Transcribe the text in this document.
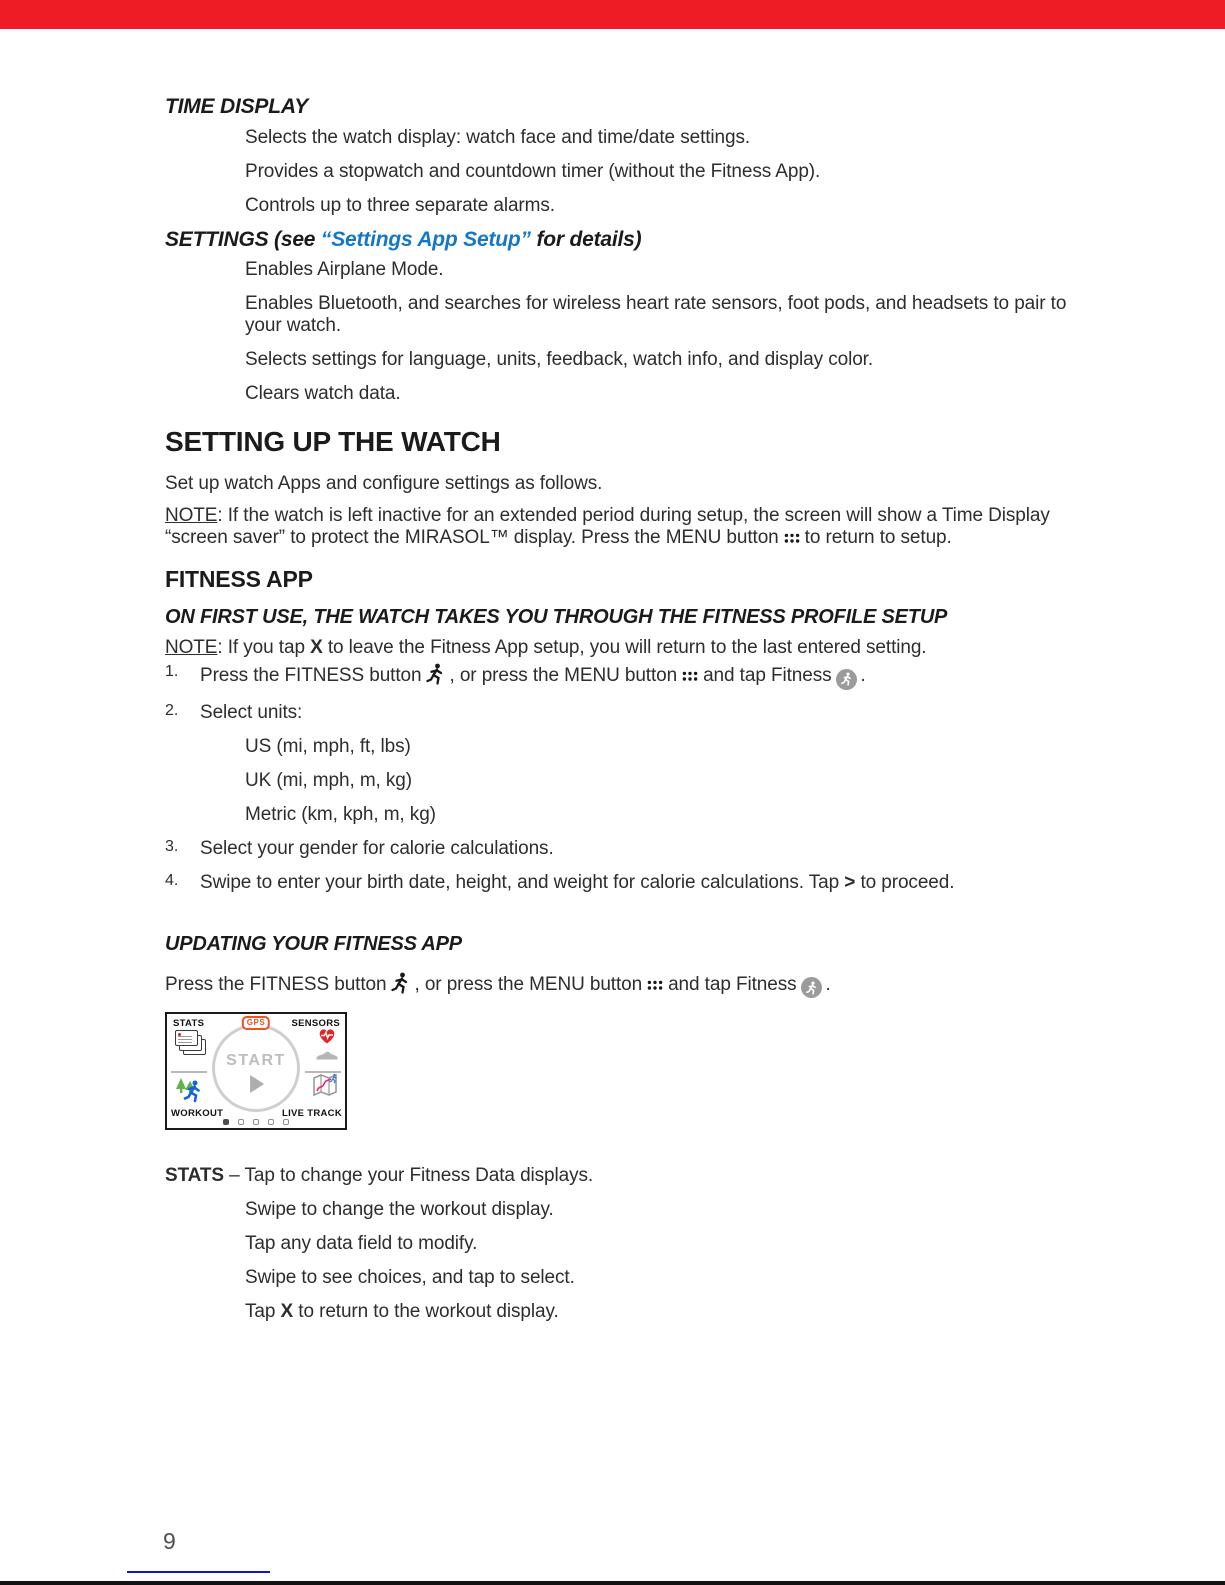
TIME DISPLAY

Selects the watch display: watch face and time/date settings.

Provides a stopwatch and countdown timer (without the Fitness App).

Controls up to three separate alarms.

SETTINGS (see “Settings App Setup” for details)

Enables Airplane Mode.

Enables Bluetooth, and searches for wireless heart rate sensors, foot pods, and headsets to pair to your watch.

Selects settings for language, units, feedback, watch info, and display color.

Clears watch data.

SETTING UP THE WATCH

Set up watch Apps and configure settings as follows.

NOTE: If the watch is left inactive for an extended period during setup, the screen will show a Time Display “screen saver” to protect the MIRASOL™ display. Press the MENU button to return to setup.

FITNESS APP
ON FIRST USE, THE WATCH TAKES YOU THROUGH THE FITNESS PROFILE SETUP

NOTE: If you tap X to leave the Fitness App setup, you will return to the last entered setting.

1.	Press the FITNESS button , or press the MENU button and tap Fitness .

2.	Select units:

US (mi, mph, ft, lbs)

UK (mi, mph, m, kg)

Metric (km, kph, m, kg)

3.	Select your gender for calorie calculations.

4.	Swipe to enter your birth date, height, and weight for calorie calculations. Tap > to proceed.

UPDATING YOUR FITNESS APP

Press the FITNESS button , or press the MENU button and tap Fitness .

STATS	GPS	SENSORS
START
WORKOUT	LIVE TRACK

STATS – Tap to change your Fitness Data displays.

Swipe to change the workout display.

Tap any data field to modify.

Swipe to see choices, and tap to select.

Tap X to return to the workout display.

9
